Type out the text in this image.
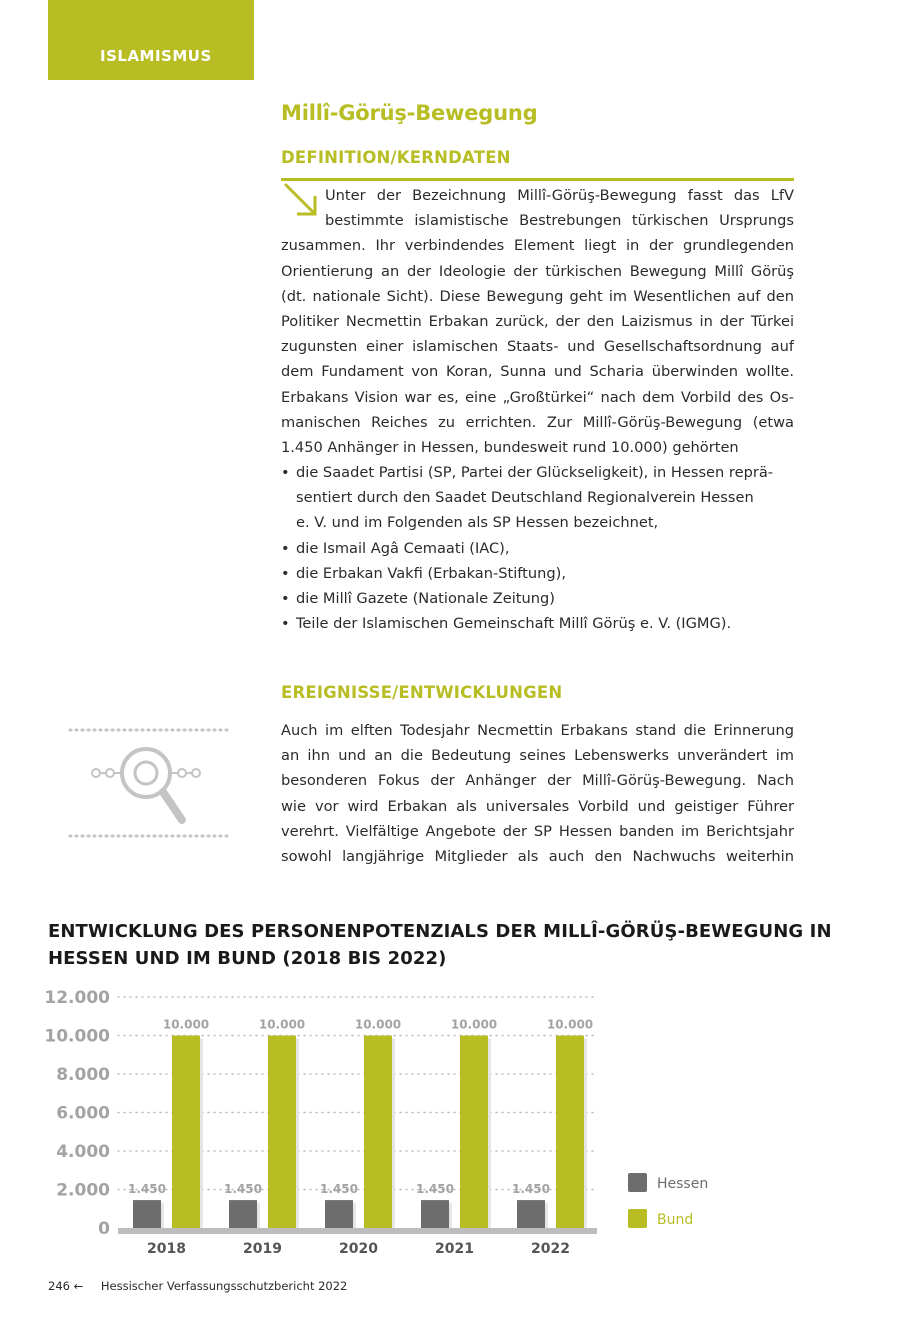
ISLAMISMUS
Millî-Görüş-Bewegung
DEFINITION/KERNDATEN
Unter der Bezeichnung Millî-Görüş-Bewegung fasst das LfV
bestimmte islamistische Bestrebungen türkischen Ursprungs
zusammen. Ihr verbindendes Element liegt in der grundlegenden
Orientierung an der Ideologie der türkischen Bewegung Millî Görüş
(dt. nationale Sicht). Diese Bewegung geht im Wesentlichen auf den
Politiker Necmettin Erbakan zurück, der den Laizismus in der Türkei
zugunsten einer islamischen Staats- und Gesellschaftsordnung auf
dem Fundament von Koran, Sunna und Scharia überwinden wollte.
Erbakans Vision war es, eine „Großtürkei“ nach dem Vorbild des Os-
manischen Reiches zu errichten. Zur Millî-Görüş-Bewegung (etwa
1.450 Anhänger in Hessen, bundesweit rund 10.000) gehörten
• die Saadet Partisi (SP, Partei der Glückseligkeit), in Hessen reprä-
sentiert durch den Saadet Deutschland Regionalverein Hessen
e. V. und im Folgenden als SP Hessen bezeichnet,
• die Ismail Agâ Cemaati (IAC),
• die Erbakan Vakfi (Erbakan-Stiftung),
• die Millî Gazete (Nationale Zeitung)
• Teile der Islamischen Gemeinschaft Millî Görüş e. V. (IGMG).
EREIGNISSE/ENTWICKLUNGEN
Auch im elften Todesjahr Necmettin Erbakans stand die Erinnerung
an ihn und an die Bedeutung seines Lebenswerks unverändert im
besonderen Fokus der Anhänger der Millî-Görüş-Bewegung. Nach
wie vor wird Erbakan als universales Vorbild und geistiger Führer
verehrt. Vielfältige Angebote der SP Hessen banden im Berichtsjahr
sowohl langjährige Mitglieder als auch den Nachwuchs weiterhin
ENTWICKLUNG DES PERSONENPOTENZIALS DER MILLÎ-GÖRÜŞ-BEWEGUNG IN
HESSEN UND IM BUND (2018 BIS 2022)
0
2.000
4.000
6.000
8.000
10.000
12.000
1.450
10.000
2018
1.450
10.000
2019
1.450
10.000
2020
1.450
10.000
2021
1.450
10.000
2022
Hessen
Bund
246 ← Hessischer Verfassungsschutzbericht 2022
